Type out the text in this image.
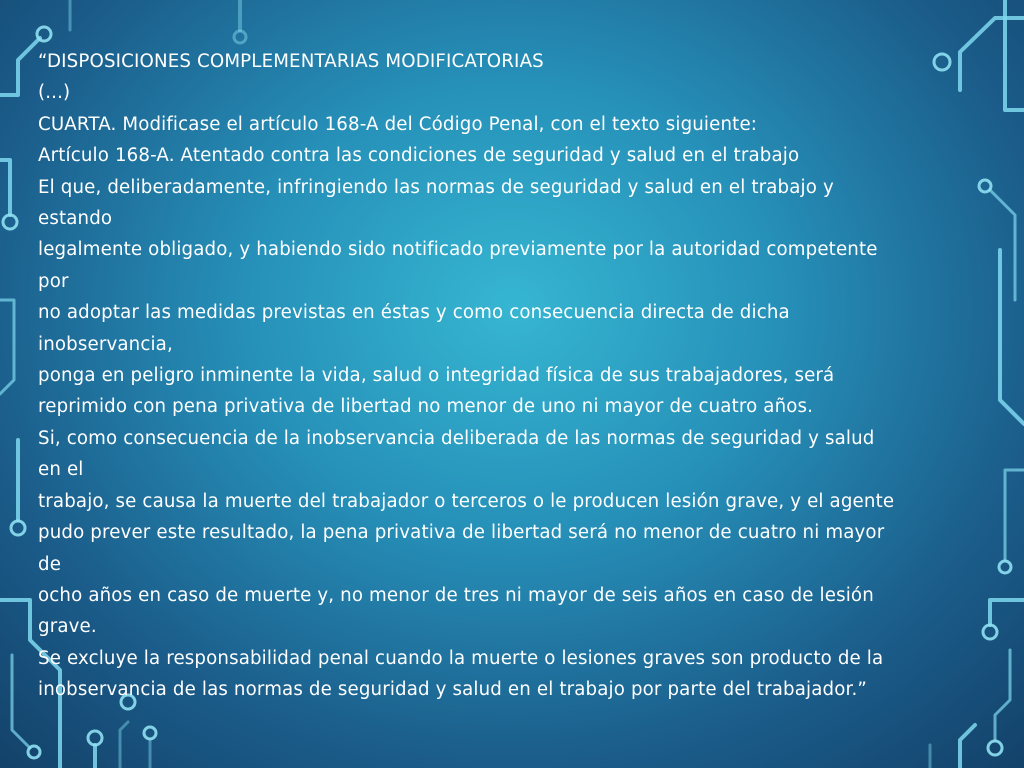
“DISPOSICIONES COMPLEMENTARIAS MODIFICATORIAS
(...)
CUARTA. Modificase el artículo 168-A del Código Penal, con el texto siguiente:
Artículo 168-A. Atentado contra las condiciones de seguridad y salud en el trabajo
El que, deliberadamente, infringiendo las normas de seguridad y salud en el trabajo y
estando
legalmente obligado, y habiendo sido notificado previamente por la autoridad competente
por
no adoptar las medidas previstas en éstas y como consecuencia directa de dicha
inobservancia,
ponga en peligro inminente la vida, salud o integridad física de sus trabajadores, será
reprimido con pena privativa de libertad no menor de uno ni mayor de cuatro años.
Si, como consecuencia de la inobservancia deliberada de las normas de seguridad y salud
en el
trabajo, se causa la muerte del trabajador o terceros o le producen lesión grave, y el agente
pudo prever este resultado, la pena privativa de libertad será no menor de cuatro ni mayor
de
ocho años en caso de muerte y, no menor de tres ni mayor de seis años en caso de lesión
grave.
Se excluye la responsabilidad penal cuando la muerte o lesiones graves son producto de la
inobservancia de las normas de seguridad y salud en el trabajo por parte del trabajador.”
